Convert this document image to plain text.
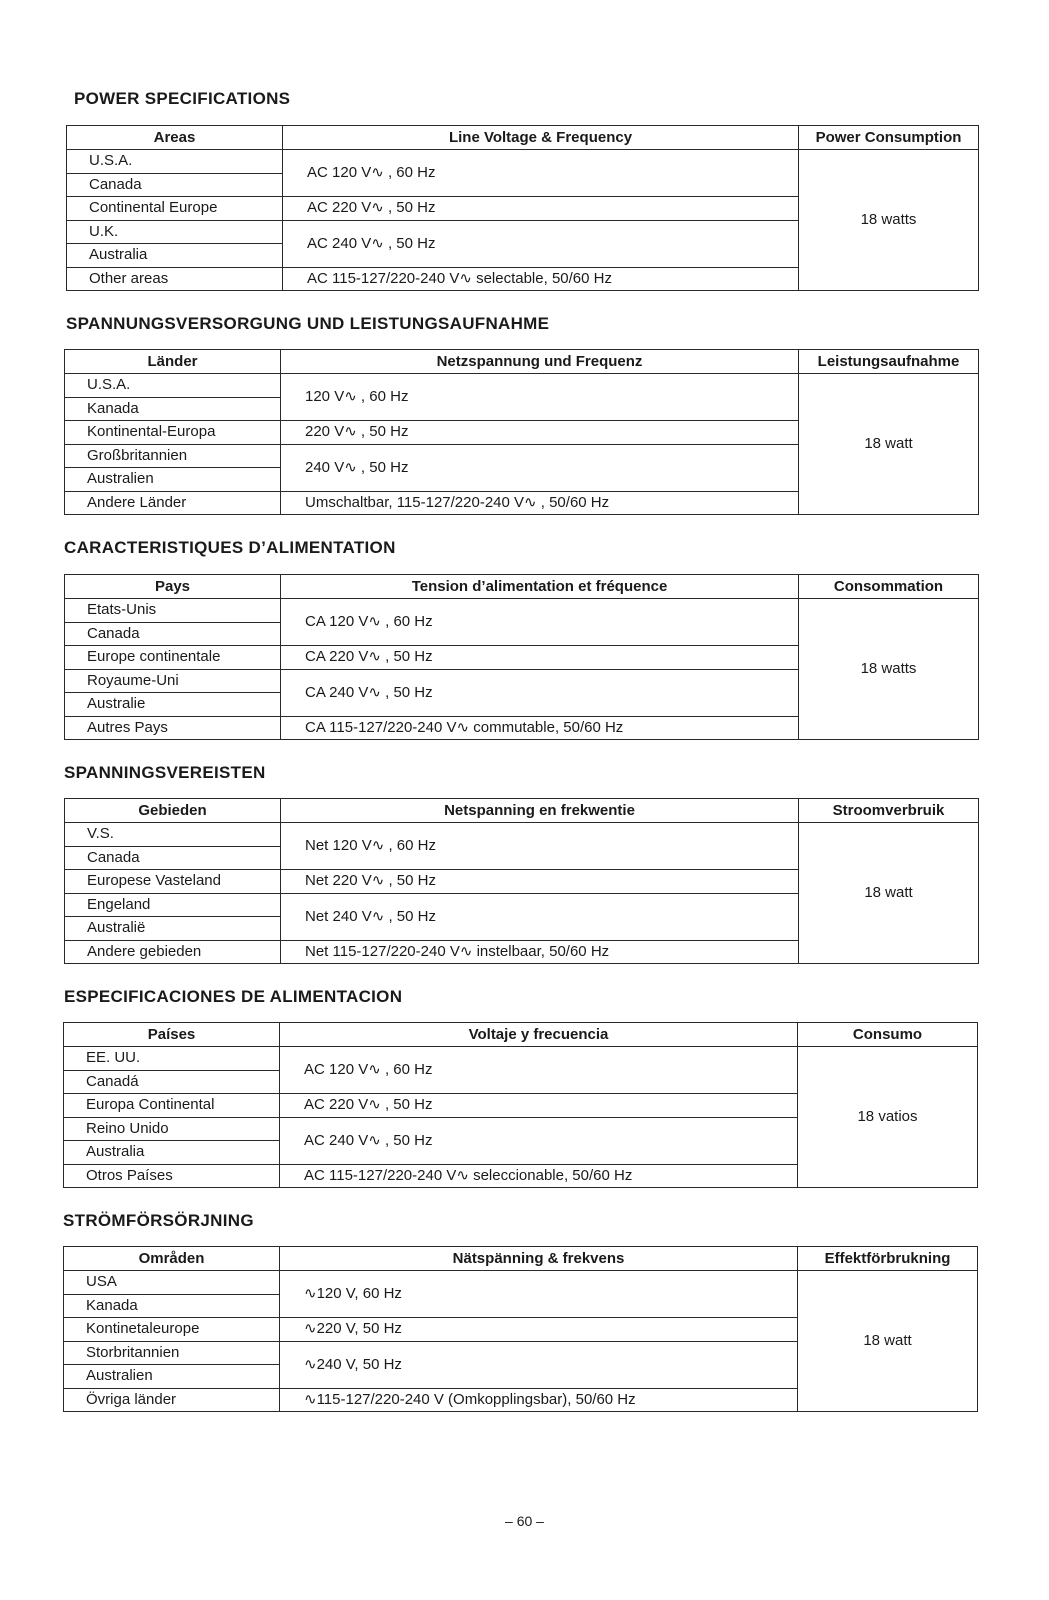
POWER SPECIFICATIONS
Areas	Line Voltage & Frequency	Power Consumption
U.S.A.	AC 120 V∿ , 60 Hz	18 watts
Canada		
Continental Europe	AC 220 V∿ , 50 Hz	
U.K.	AC 240 V∿ , 50 Hz	
Australia		
Other areas	AC 115-127/220-240 V∿ selectable, 50/60 Hz	
SPANNUNGSVERSORGUNG UND LEISTUNGSAUFNAHME
Länder	Netzspannung und Frequenz	Leistungsaufnahme
U.S.A.	120 V∿ , 60 Hz	18 watt
Kanada		
Kontinental-Europa	220 V∿ , 50 Hz	
Großbritannien	240 V∿ , 50 Hz	
Australien		
Andere Länder	Umschaltbar, 115-127/220-240 V∿ , 50/60 Hz	
CARACTERISTIQUES D’ALIMENTATION
Pays	Tension d’alimentation et fréquence	Consommation
Etats-Unis	CA 120 V∿ , 60 Hz	18 watts
Canada		
Europe continentale	CA 220 V∿ , 50 Hz	
Royaume-Uni	CA 240 V∿ , 50 Hz	
Australie		
Autres Pays	CA 115-127/220-240 V∿ commutable, 50/60 Hz	
SPANNINGSVEREISTEN
Gebieden	Netspanning en frekwentie	Stroomverbruik
V.S.	Net 120 V∿ , 60 Hz	18 watt
Canada		
Europese Vasteland	Net 220 V∿ , 50 Hz	
Engeland	Net 240 V∿ , 50 Hz	
Australië		
Andere gebieden	Net 115-127/220-240 V∿ instelbaar, 50/60 Hz	
ESPECIFICACIONES DE ALIMENTACION
Países	Voltaje y frecuencia	Consumo
EE. UU.	AC 120 V∿ , 60 Hz	18 vatios
Canadá		
Europa Continental	AC 220 V∿ , 50 Hz	
Reino Unido	AC 240 V∿ , 50 Hz	
Australia		
Otros Países	AC 115-127/220-240 V∿ seleccionable, 50/60 Hz	
STRÖMFÖRSÖRJNING
Områden	Nätspänning & frekvens	Effektförbrukning
USA	∿120 V, 60 Hz	18 watt
Kanada		
Kontinetaleurope	∿220 V, 50 Hz	
Storbritannien	∿240 V, 50 Hz	
Australien		
Övriga länder	∿115-127/220-240 V (Omkopplingsbar), 50/60 Hz	
– 60 –
